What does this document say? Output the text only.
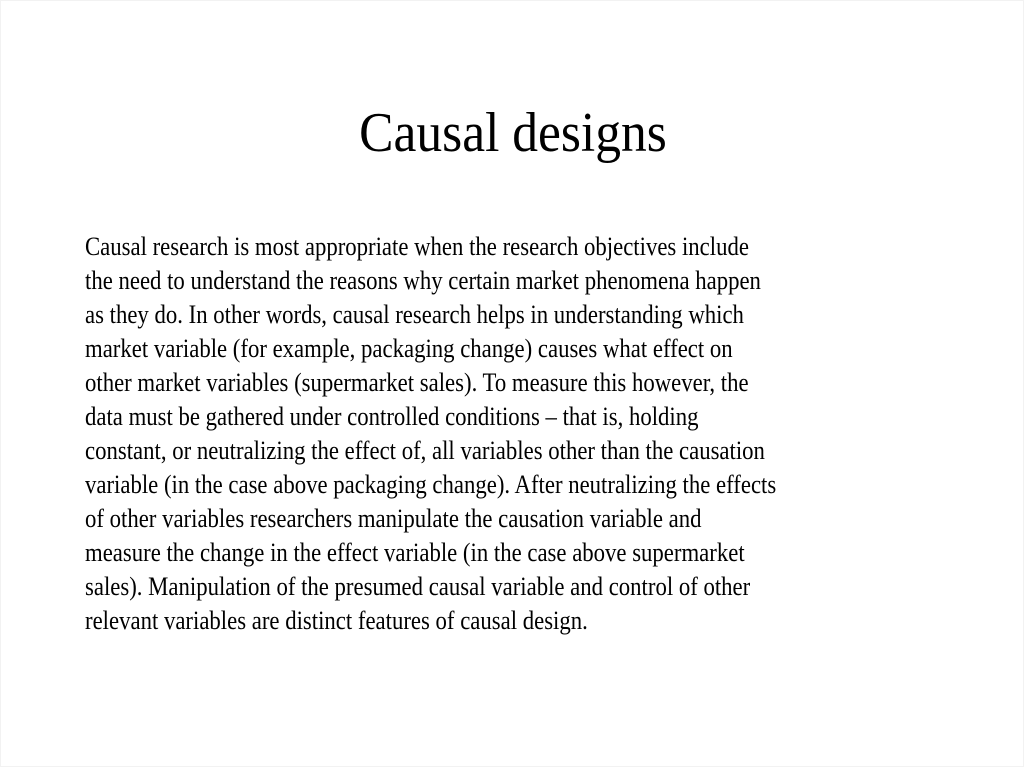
Causal designs
Causal research is most appropriate when the research objectives include
the need to understand the reasons why certain market phenomena happen
as they do. In other words, causal research helps in understanding which
market variable (for example, packaging change) causes what effect on
other market variables (supermarket sales). To measure this however, the
data must be gathered under controlled conditions – that is, holding
constant, or neutralizing the effect of, all variables other than the causation
variable (in the case above packaging change). After neutralizing the effects
of other variables researchers manipulate the causation variable and
measure the change in the effect variable (in the case above supermarket
sales). Manipulation of the presumed causal variable and control of other
relevant variables are distinct features of causal design.
